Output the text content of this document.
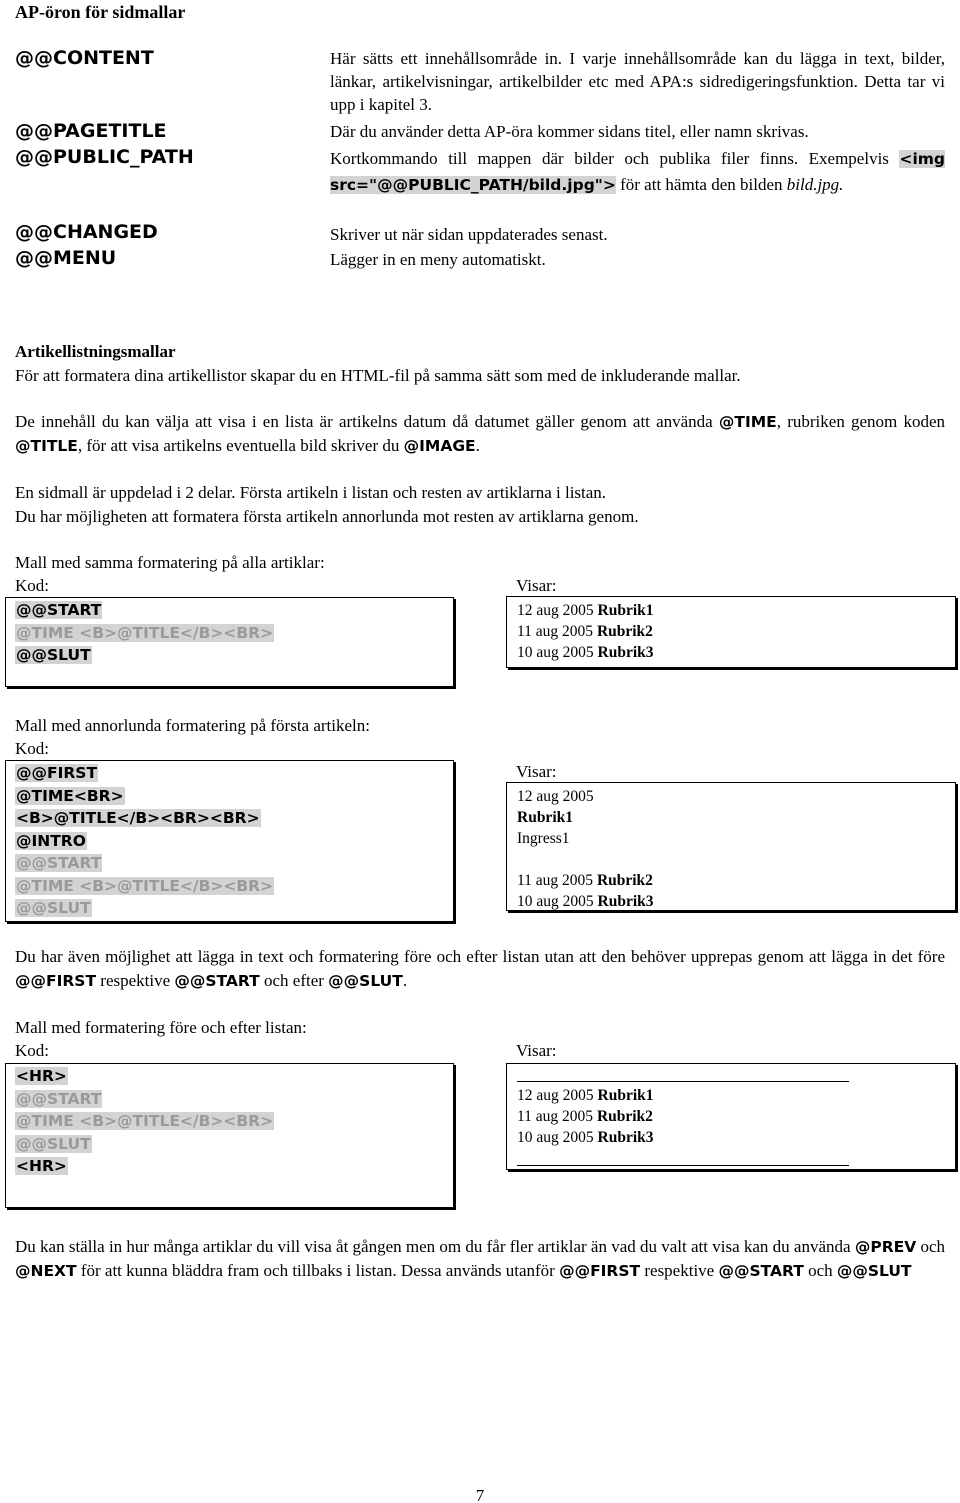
AP-öron för sidmallar
@@CONTENT	Här sätts ett innehållsområde in. I varje innehållsområde kan du lägga in text, bilder, länkar, artikelvisningar, artikelbilder etc med APA:s sidredigeringsfunktion. Detta tar vi upp i kapitel 3.
@@PAGETITLE	Där du använder detta AP-öra kommer sidans titel, eller namn skrivas.
@@PUBLIC_PATH	Kortkommando till mappen där bilder och publika filer finns. Exempelvis <img src="@@PUBLIC_PATH/bild.jpg"> för att hämta den bilden bild.jpg.
@@CHANGED	Skriver ut när sidan uppdaterades senast.
@@MENU	Lägger in en meny automatiskt.
Artikellistningsmallar
För att formatera dina artikellistor skapar du en HTML-fil på samma sätt som med de inkluderande mallar.
De innehåll du kan välja att visa i en lista är artikelns datum då datumet gäller genom att använda @TIME, rubriken genom koden @TITLE, för att visa artikelns eventuella bild skriver du @IMAGE.
En sidmall är uppdelad i 2 delar. Första artikeln i listan och resten av artiklarna i listan.
Du har möjligheten att formatera första artikeln annorlunda mot resten av artiklarna genom.
Mall med samma formatering på alla artiklar:
Kod:	Visar:
@@START
@TIME <B>@TITLE</B><BR>
@@SLUT
12 aug 2005 Rubrik1
11 aug 2005 Rubrik2
10 aug 2005 Rubrik3
Mall med annorlunda formatering på första artikeln:
Kod:
Visar:
@@FIRST
@TIME<BR>
<B>@TITLE</B><BR><BR>
@INTRO
@@START
@TIME <B>@TITLE</B><BR>
@@SLUT
12 aug 2005
Rubrik1
Ingress1

11 aug 2005 Rubrik2
10 aug 2005 Rubrik3
Du har även möjlighet att lägga in text och formatering före och efter listan utan att den behöver upprepas genom att lägga in det före @@FIRST respektive @@START och efter @@SLUT.
Mall med formatering före och efter listan:
Kod:	Visar:
<HR>
@@START
@TIME <B>@TITLE</B><BR>
@@SLUT
<HR>
12 aug 2005 Rubrik1
11 aug 2005 Rubrik2
10 aug 2005 Rubrik3
Du kan ställa in hur många artiklar du vill visa åt gången men om du får fler artiklar än vad du valt att visa kan du använda @PREV och @NEXT för att kunna bläddra fram och tillbaks i listan. Dessa används utanför @@FIRST respektive @@START och @@SLUT
7
